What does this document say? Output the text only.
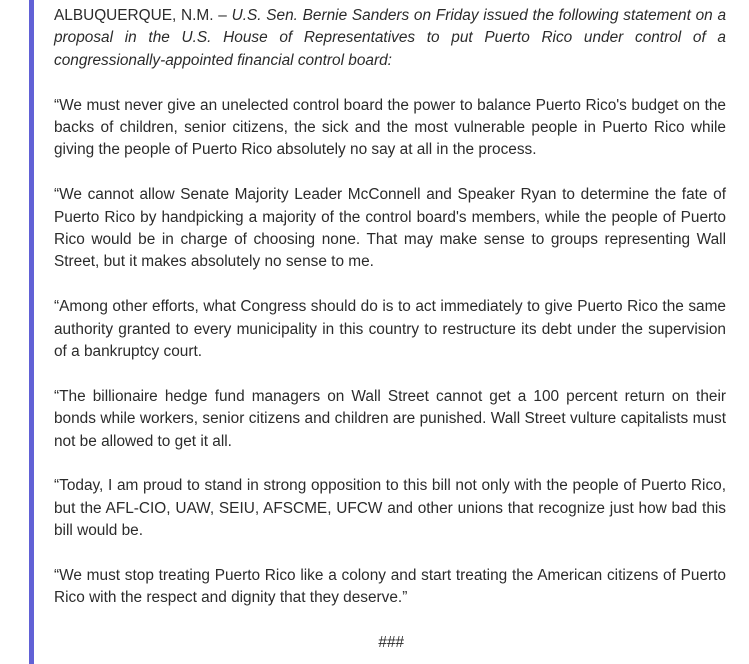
ALBUQUERQUE, N.M. – U.S. Sen. Bernie Sanders on Friday issued the following statement on a proposal in the U.S. House of Representatives to put Puerto Rico under control of a congressionally-appointed financial control board:

“We must never give an unelected control board the power to balance Puerto Rico's budget on the backs of children, senior citizens, the sick and the most vulnerable people in Puerto Rico while giving the people of Puerto Rico absolutely no say at all in the process.

“We cannot allow Senate Majority Leader McConnell and Speaker Ryan to determine the fate of Puerto Rico by handpicking a majority of the control board's members, while the people of Puerto Rico would be in charge of choosing none. That may make sense to groups representing Wall Street, but it makes absolutely no sense to me.

“Among other efforts, what Congress should do is to act immediately to give Puerto Rico the same authority granted to every municipality in this country to restructure its debt under the supervision of a bankruptcy court.

“The billionaire hedge fund managers on Wall Street cannot get a 100 percent return on their bonds while workers, senior citizens and children are punished. Wall Street vulture capitalists must not be allowed to get it all.

“Today, I am proud to stand in strong opposition to this bill not only with the people of Puerto Rico, but the AFL-CIO, UAW, SEIU, AFSCME, UFCW and other unions that recognize just how bad this bill would be.

“We must stop treating Puerto Rico like a colony and start treating the American citizens of Puerto Rico with the respect and dignity that they deserve.”

###
